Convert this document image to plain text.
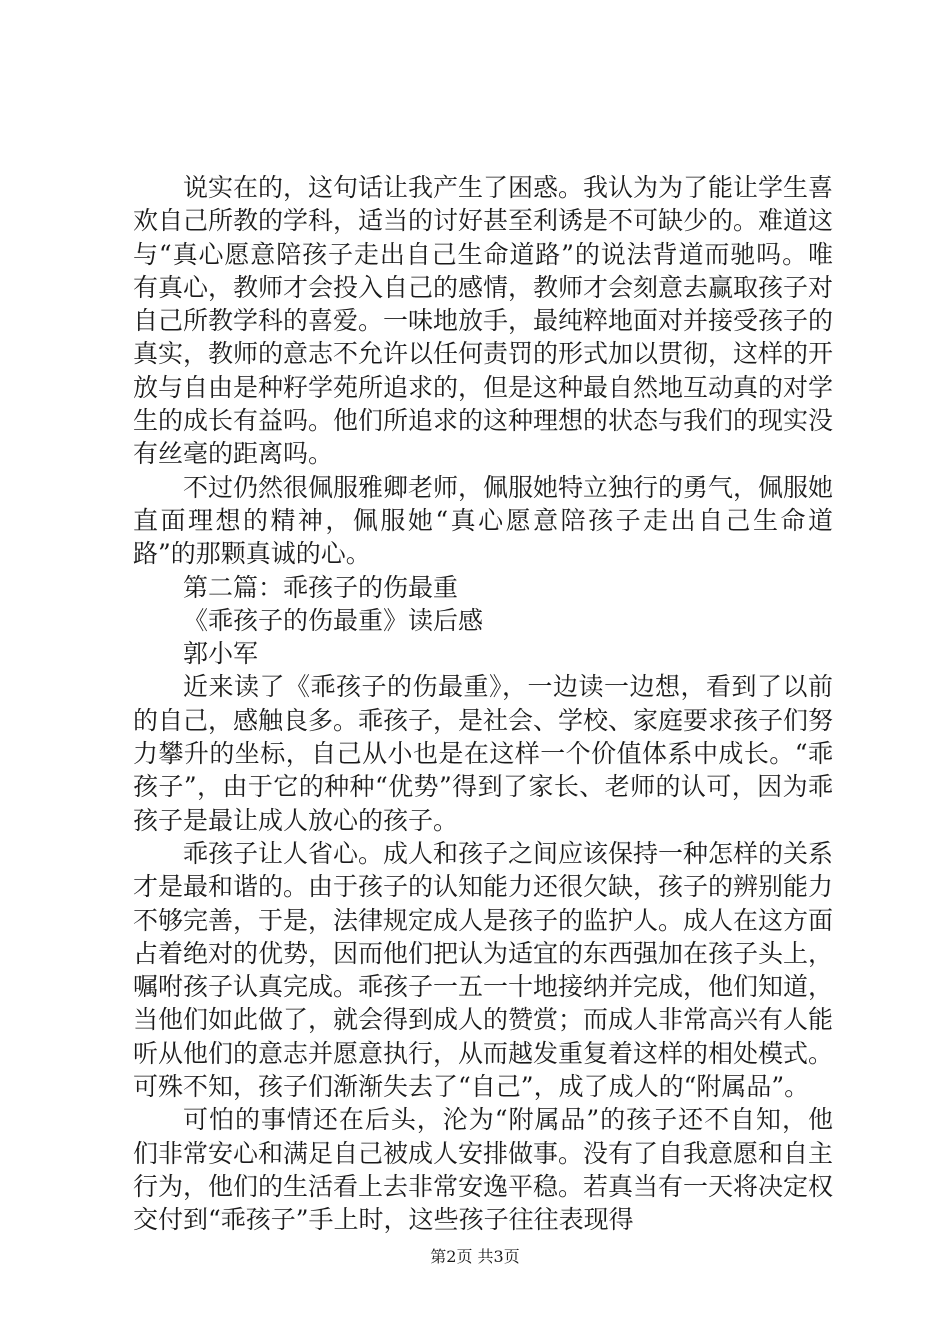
说实在的，这句话让我产生了困惑。我认为为了能让学生喜欢自己所教的学科，适当的讨好甚至利诱是不可缺少的。难道这与“真心愿意陪孩子走出自己生命道路”的说法背道而驰吗。唯有真心，教师才会投入自己的感情，教师才会刻意去赢取孩子对自己所教学科的喜爱。一味地放手，最纯粹地面对并接受孩子的真实，教师的意志不允许以任何责罚的形式加以贯彻，这样的开放与自由是种籽学苑所追求的，但是这种最自然地互动真的对学生的成长有益吗。他们所追求的这种理想的状态与我们的现实没有丝毫的距离吗。

不过仍然很佩服雅卿老师，佩服她特立独行的勇气，佩服她直面理想的精神，佩服她“真心愿意陪孩子走出自己生命道路”的那颗真诚的心。

第二篇：乖孩子的伤最重

《乖孩子的伤最重》读后感

郭小军

近来读了《乖孩子的伤最重》，一边读一边想，看到了以前的自己，感触良多。乖孩子，是社会、学校、家庭要求孩子们努力攀升的坐标，自己从小也是在这样一个价值体系中成长。“乖孩子”，由于它的种种“优势”得到了家长、老师的认可，因为乖孩子是最让成人放心的孩子。

乖孩子让人省心。成人和孩子之间应该保持一种怎样的关系才是最和谐的。由于孩子的认知能力还很欠缺，孩子的辨别能力不够完善，于是，法律规定成人是孩子的监护人。成人在这方面占着绝对的优势，因而他们把认为适宜的东西强加在孩子头上，嘱咐孩子认真完成。乖孩子一五一十地接纳并完成，他们知道，当他们如此做了，就会得到成人的赞赏；而成人非常高兴有人能听从他们的意志并愿意执行，从而越发重复着这样的相处模式。可殊不知，孩子们渐渐失去了“自己”，成了成人的“附属品”。

可怕的事情还在后头，沦为“附属品”的孩子还不自知，他们非常安心和满足自己被成人安排做事。没有了自我意愿和自主行为，他们的生活看上去非常安逸平稳。若真当有一天将决定权交付到“乖孩子”手上时，这些孩子往往表现得

第2页 共3页
